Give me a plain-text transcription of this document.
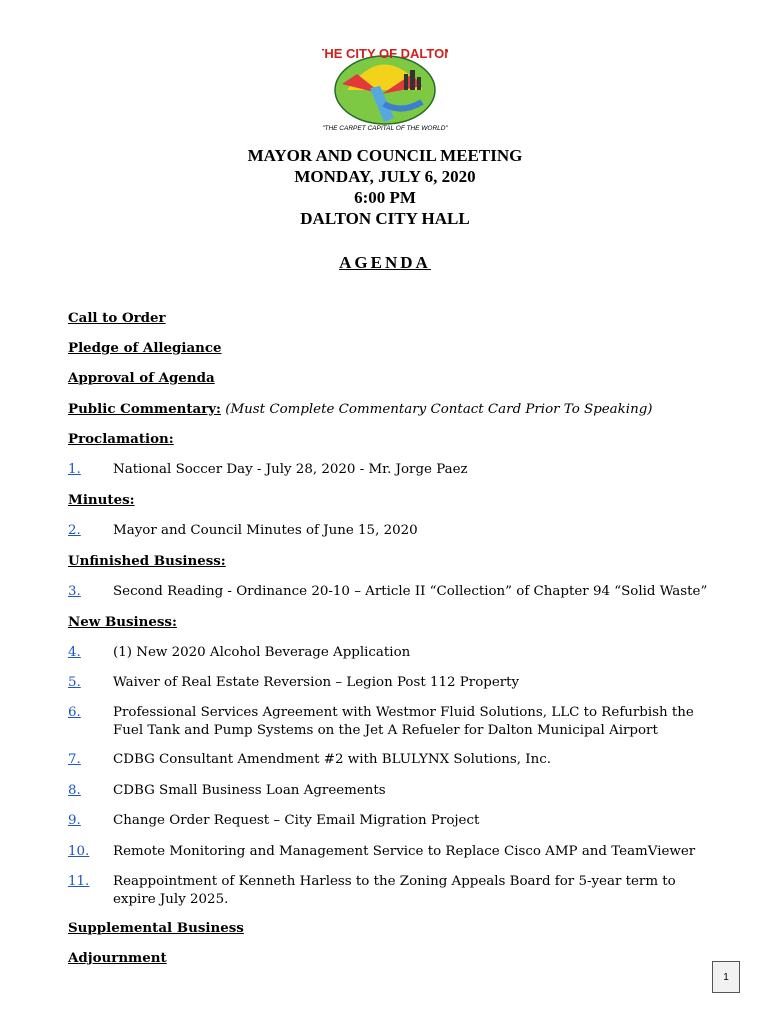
THE CITY OF DALTON
"THE CARPET CAPITAL OF THE WORLD"
MAYOR AND COUNCIL MEETING
MONDAY, JULY 6, 2020
6:00 PM
DALTON CITY HALL
AGENDA
Call to Order
Pledge of Allegiance
Approval of Agenda
Public Commentary: (Must Complete Commentary Contact Card Prior To Speaking)
Proclamation:
1. National Soccer Day - July 28, 2020 - Mr. Jorge Paez
Minutes:
2. Mayor and Council Minutes of June 15, 2020
Unfinished Business:
3. Second Reading - Ordinance 20-10 – Article II “Collection” of Chapter 94 “Solid Waste”
New Business:
4. (1) New 2020 Alcohol Beverage Application
5. Waiver of Real Estate Reversion – Legion Post 112 Property
6. Professional Services Agreement with Westmor Fluid Solutions, LLC to Refurbish the Fuel Tank and Pump Systems on the Jet A Refueler for Dalton Municipal Airport
7. CDBG Consultant Amendment #2 with BLULYNX Solutions, Inc.
8. CDBG Small Business Loan Agreements
9. Change Order Request – City Email Migration Project
10. Remote Monitoring and Management Service to Replace Cisco AMP and TeamViewer
11. Reappointment of Kenneth Harless to the Zoning Appeals Board for 5-year term to expire July 2025.
Supplemental Business
Adjournment
1
